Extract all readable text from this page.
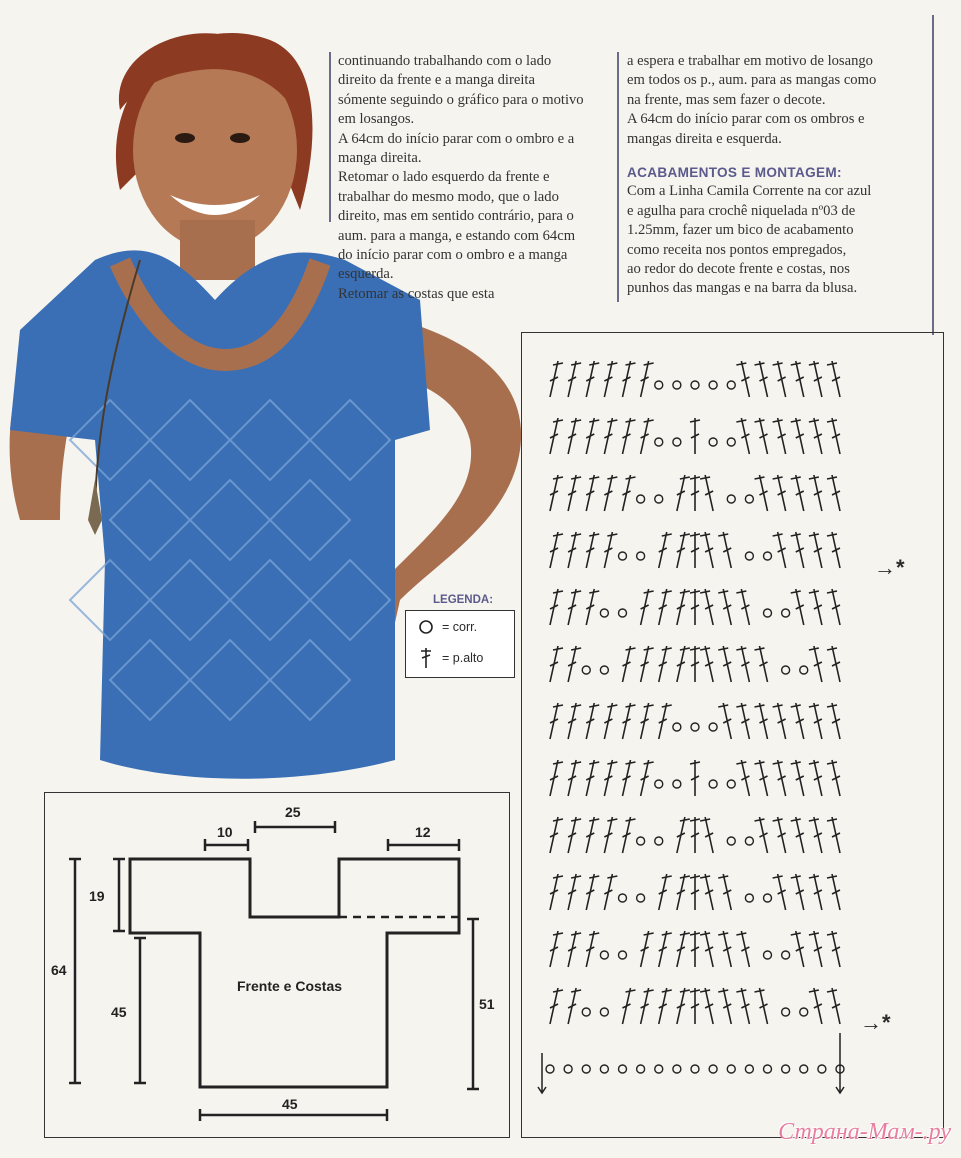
continuando trabalhando com o lado
direito da frente e a manga direita
sómente seguindo o gráfico para o motivo
em losangos.
A 64cm do início parar com o ombro e a
manga direita.
Retomar o lado esquerdo da frente e
trabalhar do mesmo modo, que o lado
direito, mas em sentido contrário, para o
aum. para a manga, e estando com 64cm
do início parar com o ombro e a manga
esquerda.
Retomar as costas que esta

a espera e trabalhar em motivo de losango
em todos os p., aum. para as mangas como
na frente, mas sem fazer o decote.
A 64cm do início parar com os ombros e
mangas direita e esquerda.

ACABAMENTOS E MONTAGEM:

Com a Linha Camila Corrente na cor azul
e agulha para crochê niquelada nº03 de
1.25mm, fazer um bico de acabamento
como receita nos pontos empregados,
ao redor do decote frente e costas, nos
punhos das mangas e na barra da blusa.

= corr.
= p.alto
LEGENDA:
25
10	12
19
64
45	51
45
Frente e Costas
→*
→*
Страна-Мам-.ру
